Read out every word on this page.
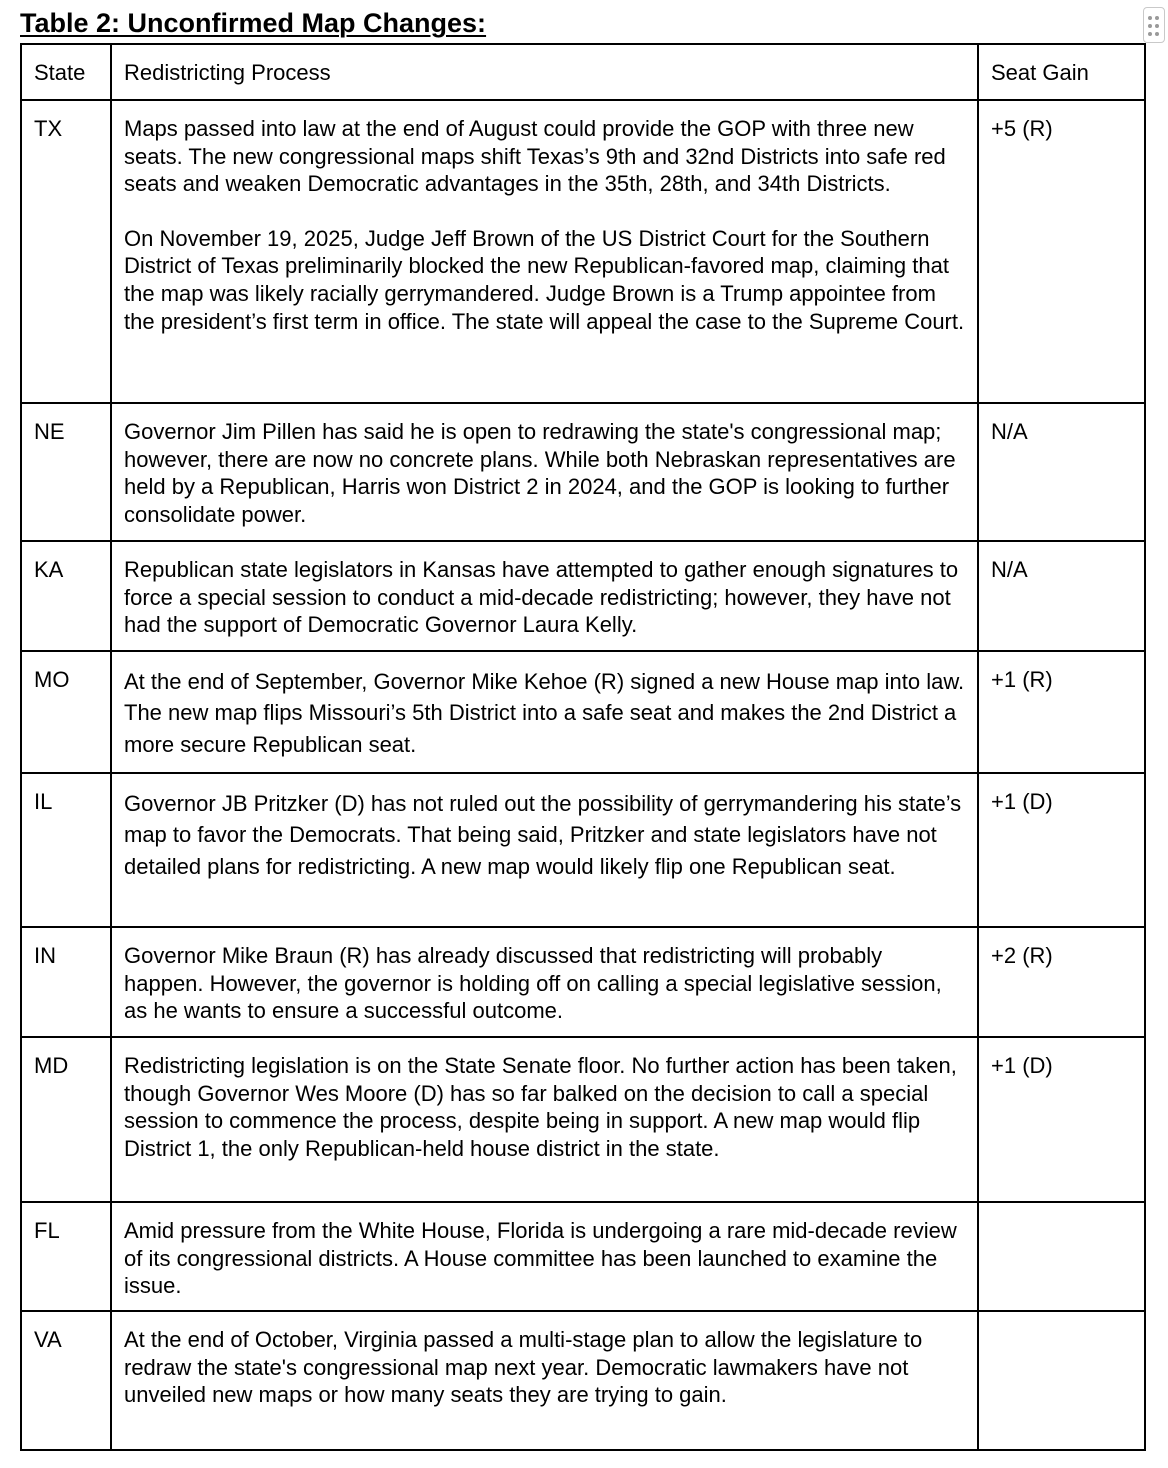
Table 2: Unconfirmed Map Changes:
State	Redistricting Process	Seat Gain
TX	Maps passed into law at the end of August could provide the GOP with three new seats. The new congressional maps shift Texas’s 9th and 32nd Districts into safe red seats and weaken Democratic advantages in the 35th, 28th, and 34th Districts.
On November 19, 2025, Judge Jeff Brown of the US District Court for the Southern District of Texas preliminarily blocked the new Republican-favored map, claiming that the map was likely racially gerrymandered. Judge Brown is a Trump appointee from the president’s first term in office. The state will appeal the case to the Supreme Court.	+5 (R)
NE	Governor Jim Pillen has said he is open to redrawing the state's congressional map; however, there are now no concrete plans. While both Nebraskan representatives are held by a Republican, Harris won District 2 in 2024, and the GOP is looking to further consolidate power.	N/A
KA	Republican state legislators in Kansas have attempted to gather enough signatures to force a special session to conduct a mid-decade redistricting; however, they have not had the support of Democratic Governor Laura Kelly.	N/A
MO	At the end of September, Governor Mike Kehoe (R) signed a new House map into law. The new map flips Missouri’s 5th District into a safe seat and makes the 2nd District a more secure Republican seat.	+1 (R)
IL	Governor JB Pritzker (D) has not ruled out the possibility of gerrymandering his state’s map to favor the Democrats. That being said, Pritzker and state legislators have not detailed plans for redistricting. A new map would likely flip one Republican seat.	+1 (D)
IN	Governor Mike Braun (R) has already discussed that redistricting will probably happen. However, the governor is holding off on calling a special legislative session, as he wants to ensure a successful outcome.	+2 (R)
MD	Redistricting legislation is on the State Senate floor. No further action has been taken, though Governor Wes Moore (D) has so far balked on the decision to call a special session to commence the process, despite being in support. A new map would flip District 1, the only Republican-held house district in the state.	+1 (D)
FL	Amid pressure from the White House, Florida is undergoing a rare mid-decade review of its congressional districts. A House committee has been launched to examine the issue.	

VA	At the end of October, Virginia passed a multi-stage plan to allow the legislature to redraw the state's congressional map next year. Democratic lawmakers have not unveiled new maps or how many seats they are trying to gain.	
